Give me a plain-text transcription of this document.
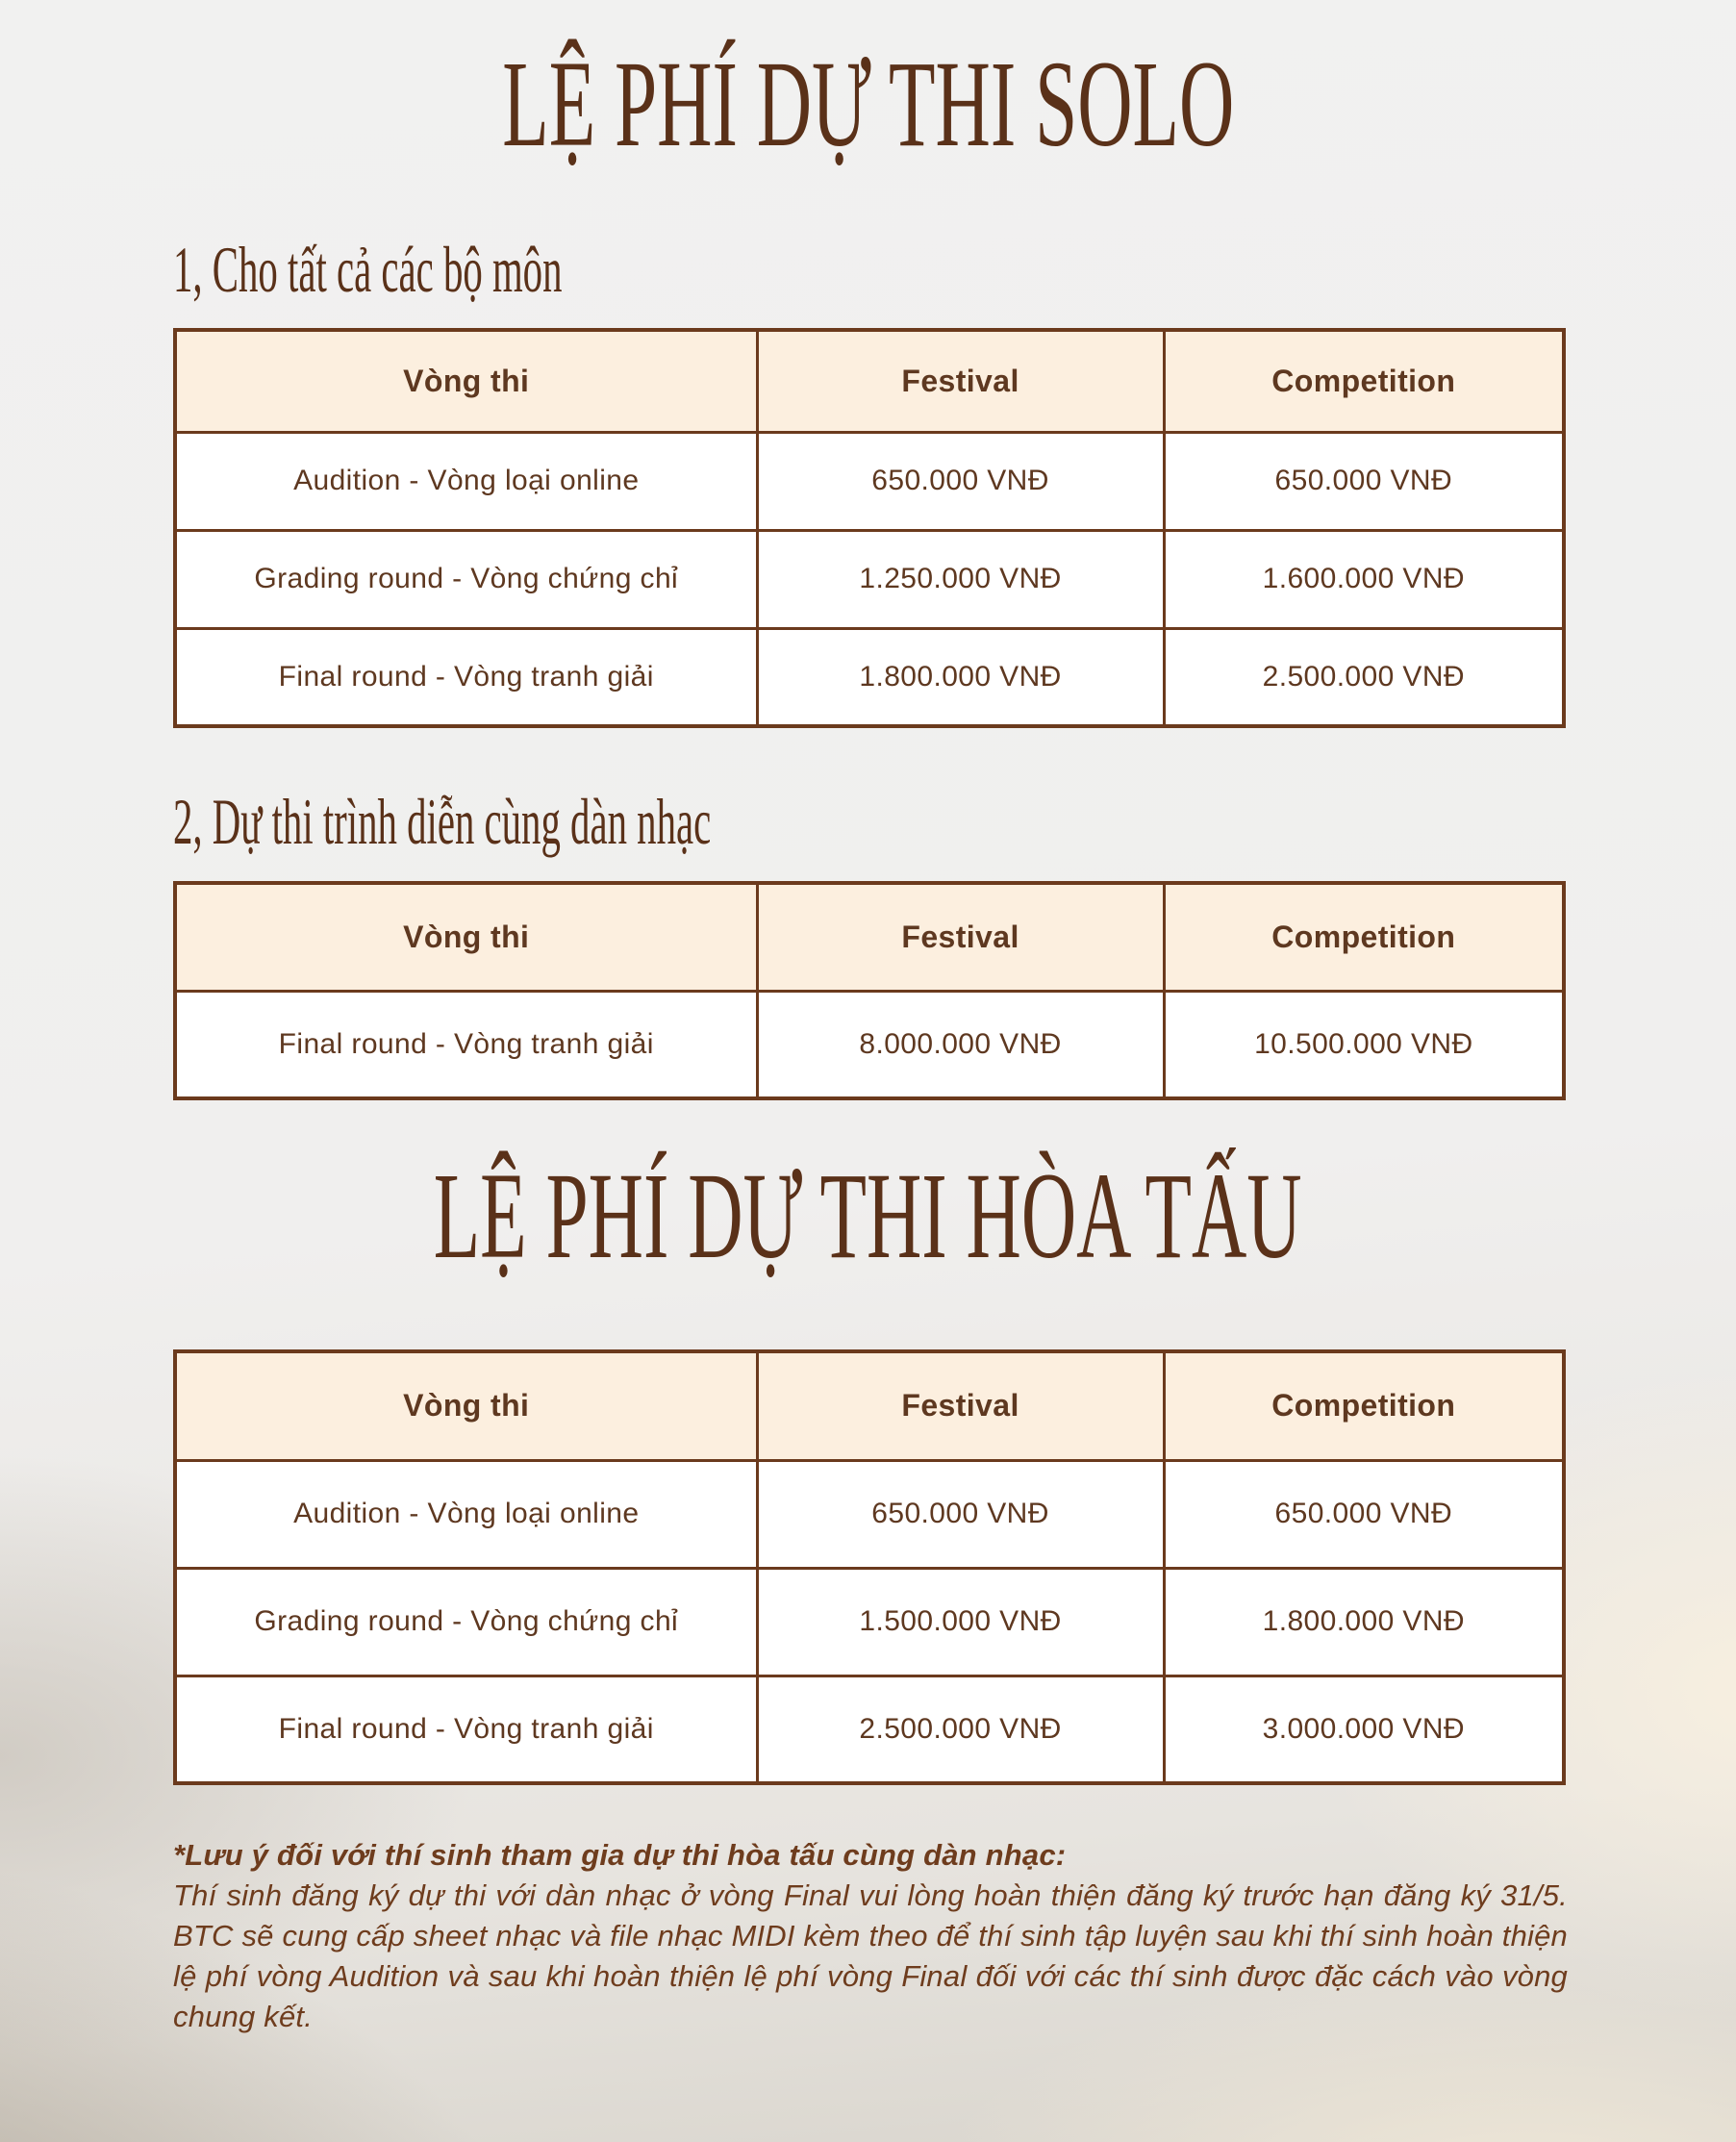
LỆ PHÍ DỰ THI SOLO
1, Cho tất cả các bộ môn
Vòng thi	Festival	Competition
Audition - Vòng loại online	650.000 VNĐ	650.000 VNĐ
Grading round - Vòng chứng chỉ	1.250.000 VNĐ	1.600.000 VNĐ
Final round - Vòng tranh giải	1.800.000 VNĐ	2.500.000 VNĐ
2, Dự thi trình diễn cùng dàn nhạc
Vòng thi	Festival	Competition
Final round - Vòng tranh giải	8.000.000 VNĐ	10.500.000 VNĐ
LỆ PHÍ DỰ THI HÒA TẤU
Vòng thi	Festival	Competition
Audition - Vòng loại online	650.000 VNĐ	650.000 VNĐ
Grading round - Vòng chứng chỉ	1.500.000 VNĐ	1.800.000 VNĐ
Final round - Vòng tranh giải	2.500.000 VNĐ	3.000.000 VNĐ
*Lưu ý đối với thí sinh tham gia dự thi hòa tấu cùng dàn nhạc:
Thí sinh đăng ký dự thi với dàn nhạc ở vòng Final vui lòng hoàn thiện đăng ký trước hạn đăng ký 31/5. BTC sẽ cung cấp sheet nhạc và file nhạc MIDI kèm theo để thí sinh tập luyện sau khi thí sinh hoàn thiện lệ phí vòng Audition và sau khi hoàn thiện lệ phí vòng Final đối với các thí sinh được đặc cách vào vòng chung kết.
